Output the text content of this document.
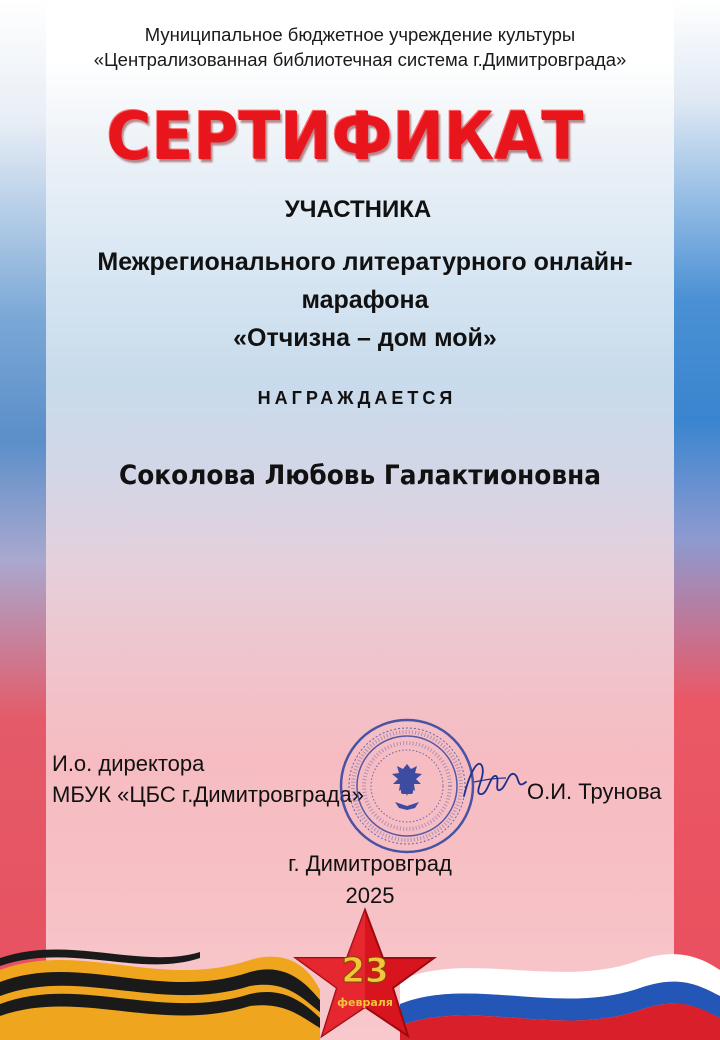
Муниципальное бюджетное учреждение культуры
«Централизованная библиотечная система г.Димитровграда»
СЕРТИФИКАТ
УЧАСТНИКА
Межрегионального литературного онлайн-
марафона
«Отчизна – дом мой»
НАГРАЖДАЕТСЯ
Соколова Любовь Галактионовна
И.о. директора
МБУК «ЦБС г.Димитровграда»	О.И. Трунова
г. Димитровград
2025
23
февраля
